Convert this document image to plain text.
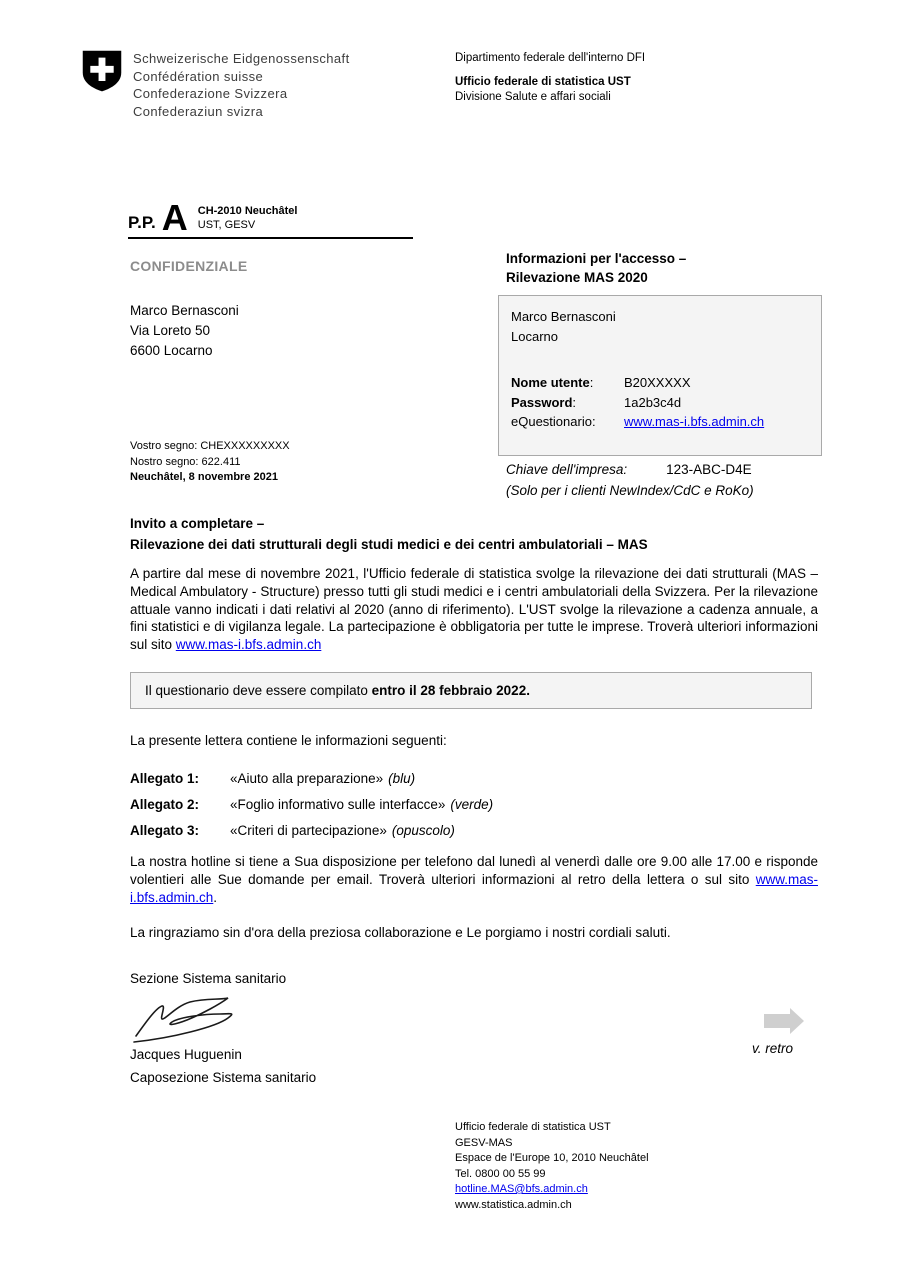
Schweizerische Eidgenossenschaft
Confédération suisse
Confederazione Svizzera
Confederaziun svizra
Dipartimento federale dell'interno DFI
Ufficio federale di statistica UST
Divisione Salute e affari sociali
P.P. A CH-2010 Neuchâtel
UST, GESV
CONFIDENZIALE
Marco Bernasconi
Via Loreto 50
6600 Locarno
Vostro segno: CHEXXXXXXXXX
Nostro segno: 622.411
Neuchâtel, 8 novembre 2021
Informazioni per l'accesso –
Rilevazione MAS 2020
Marco Bernasconi
Locarno
Nome utente:	B20XXXXX
Password:	1a2b3c4d
eQuestionario:	www.mas-i.bfs.admin.ch
Chiave dell'impresa:	123-ABC-D4E
(Solo per i clienti NewIndex/CdC e RoKo)
Invito a completare –
Rilevazione dei dati strutturali degli studi medici e dei centri ambulatoriali – MAS
A partire dal mese di novembre 2021, l'Ufficio federale di statistica svolge la rilevazione dei dati strutturali (MAS – Medical Ambulatory - Structure) presso tutti gli studi medici e i centri ambulatoriali della Svizzera. Per la rilevazione attuale vanno indicati i dati relativi al 2020 (anno di riferimento). L'UST svolge la rilevazione a cadenza annuale, a fini statistici e di vigilanza legale. La partecipazione è obbligatoria per tutte le imprese. Troverà ulteriori informazioni sul sito www.mas-i.bfs.admin.ch
Il questionario deve essere compilato entro il 28 febbraio 2022.
La presente lettera contiene le informazioni seguenti:
Allegato 1:	«Aiuto alla preparazione» (blu)
Allegato 2:	«Foglio informativo sulle interfacce» (verde)
Allegato 3:	«Criteri di partecipazione» (opuscolo)
La nostra hotline si tiene a Sua disposizione per telefono dal lunedì al venerdì dalle ore 9.00 alle 17.00 e risponde volentieri alle Sue domande per email. Troverà ulteriori informazioni al retro della lettera o sul sito www.mas-i.bfs.admin.ch.
La ringraziamo sin d'ora della preziosa collaborazione e Le porgiamo i nostri cordiali saluti.
Sezione Sistema sanitario
Jacques Huguenin
Caposezione Sistema sanitario
v. retro
Ufficio federale di statistica UST
GESV-MAS
Espace de l'Europe 10, 2010 Neuchâtel
Tel. 0800 00 55 99
hotline.MAS@bfs.admin.ch
www.statistica.admin.ch
